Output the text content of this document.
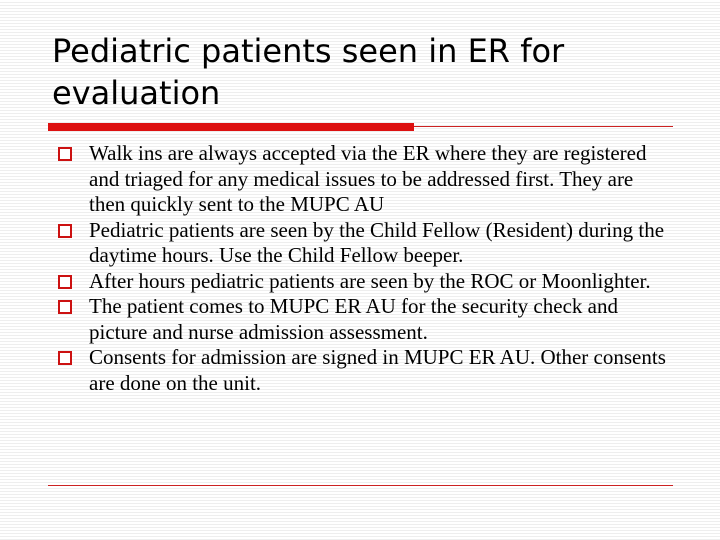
Pediatric patients seen in ER for evaluation
Walk ins are always accepted via the ER where they are registered and triaged for any medical issues to be addressed first. They are then quickly sent to the MUPC AU
Pediatric patients are seen by the Child Fellow (Resident) during the daytime hours. Use the Child Fellow beeper.
After hours pediatric patients are seen by the ROC or Moonlighter.
The patient comes to MUPC ER AU for the security check and picture and nurse admission assessment.
Consents for admission are signed in MUPC ER AU. Other consents are done on the unit.
